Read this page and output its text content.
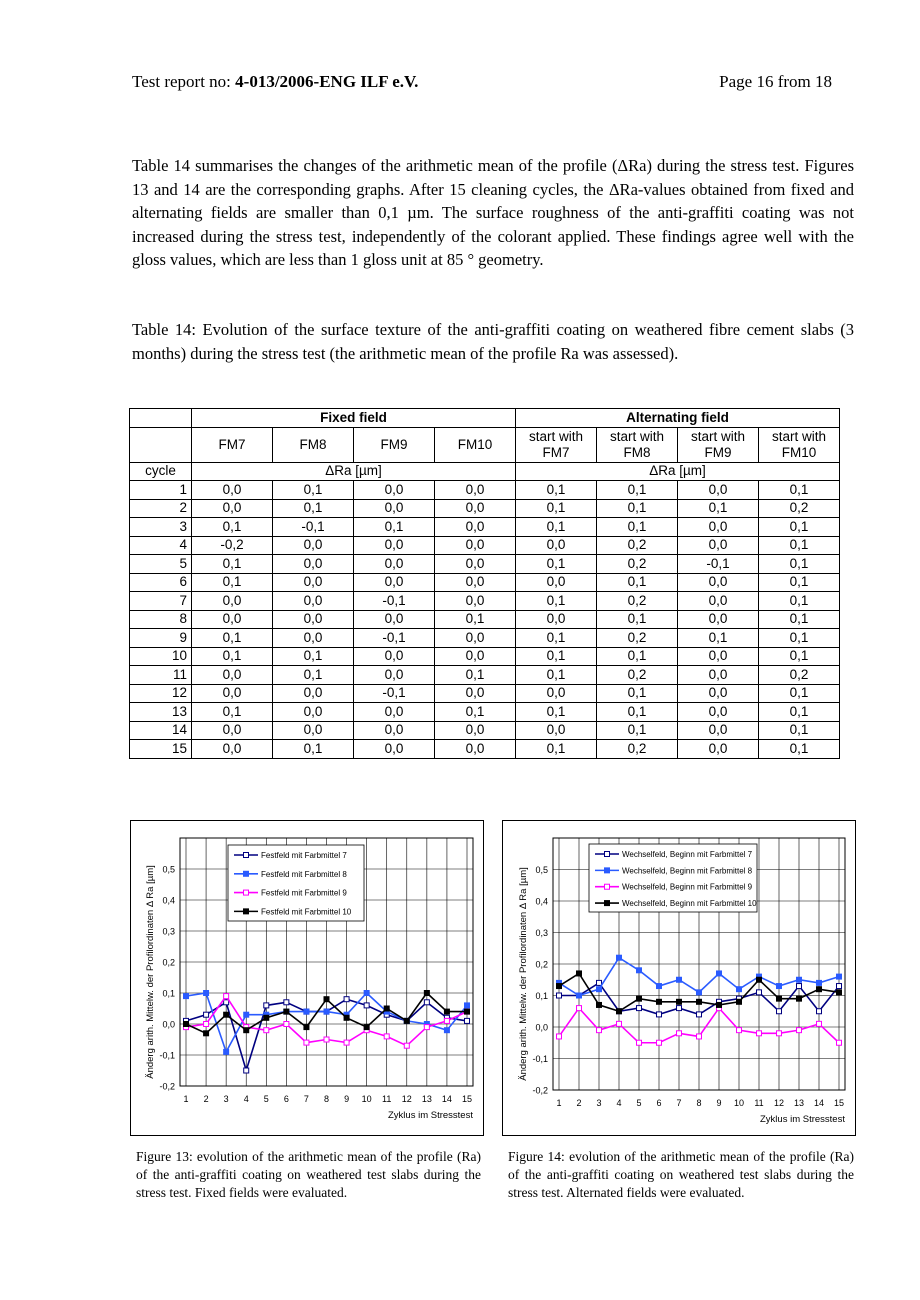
Test report no: 4-013/2006-ENG ILF e.V.	Page 16 from 18

Table 14 summarises the changes of the arithmetic mean of the profile (ΔRa) during the stress test. Figures 13 and 14 are the corresponding graphs. After 15 cleaning cycles, the ΔRa-values obtained from fixed and alternating fields are smaller than 0,1 µm. The surface roughness of the anti-graffiti coating was not increased during the stress test, independently of the colorant applied. These findings agree well with the gloss values, which are less than 1 gloss unit at 85 ° geometry.

Table 14: Evolution of the surface texture of the anti-graffiti coating on weathered fibre cement slabs (3 months) during the stress test (the arithmetic mean of the profile Ra was assessed).

	Fixed field				Alternating field			
	FM7	FM8	FM9	FM10	start with FM7	start with FM8	start with FM9	start with FM10
cycle	ΔRa [µm]				ΔRa [µm]			
1	0,0	0,1	0,0	0,0	0,1	0,1	0,0	0,1
2	0,0	0,1	0,0	0,0	0,1	0,1	0,1	0,2
3	0,1	-0,1	0,1	0,0	0,1	0,1	0,0	0,1
4	-0,2	0,0	0,0	0,0	0,0	0,2	0,0	0,1
5	0,1	0,0	0,0	0,0	0,1	0,2	-0,1	0,1
6	0,1	0,0	0,0	0,0	0,0	0,1	0,0	0,1
7	0,0	0,0	-0,1	0,0	0,1	0,2	0,0	0,1
8	0,0	0,0	0,0	0,1	0,0	0,1	0,0	0,1
9	0,1	0,0	-0,1	0,0	0,1	0,2	0,1	0,1
10	0,1	0,1	0,0	0,0	0,1	0,1	0,0	0,1
11	0,0	0,1	0,0	0,1	0,1	0,2	0,0	0,2
12	0,0	0,0	-0,1	0,0	0,0	0,1	0,0	0,1
13	0,1	0,0	0,0	0,1	0,1	0,1	0,0	0,1
14	0,0	0,0	0,0	0,0	0,0	0,1	0,0	0,1
15	0,0	0,1	0,0	0,0	0,1	0,2	0,0	0,1
-0,2
-0,1
0,0
0,1
0,2
0,3
0,4
0,5
1 2 3 4 5 6 7 8 9 10 11 12 13 14 15
Zyklus im Stresstest
Änderg arith. Mittelw. der Profilordinaten Δ Ra [µm]
Festfeld mit Farbmittel 7
Festfeld mit Farbmittel 8
Festfeld mit Farbmittel 9
Festfeld mit Farbmittel 10
-0,2
-0,1
0,0
0,1
0,2
0,3
0,4
0,5
1 2 3 4 5 6 7 8 9 10 11 12 13 14 15
Zyklus im Stresstest
Änderg arith. Mittelw. der Profilordinaten Δ Ra [µm]
Wechselfeld, Beginn mit Farbmittel 7
Wechselfeld, Beginn mit Farbmittel 8
Wechselfeld, Beginn mit Farbmittel 9
Wechselfeld, Beginn mit Farbmittel 10

Figure 13: evolution of the arithmetic mean of the profile (Ra) of the anti-graffiti coating on weathered test slabs during the stress test. Fixed fields were evaluated.

Figure 14: evolution of the arithmetic mean of the profile (Ra) of the anti-graffiti coating on weathered test slabs during the stress test. Alternated fields were evaluated.
